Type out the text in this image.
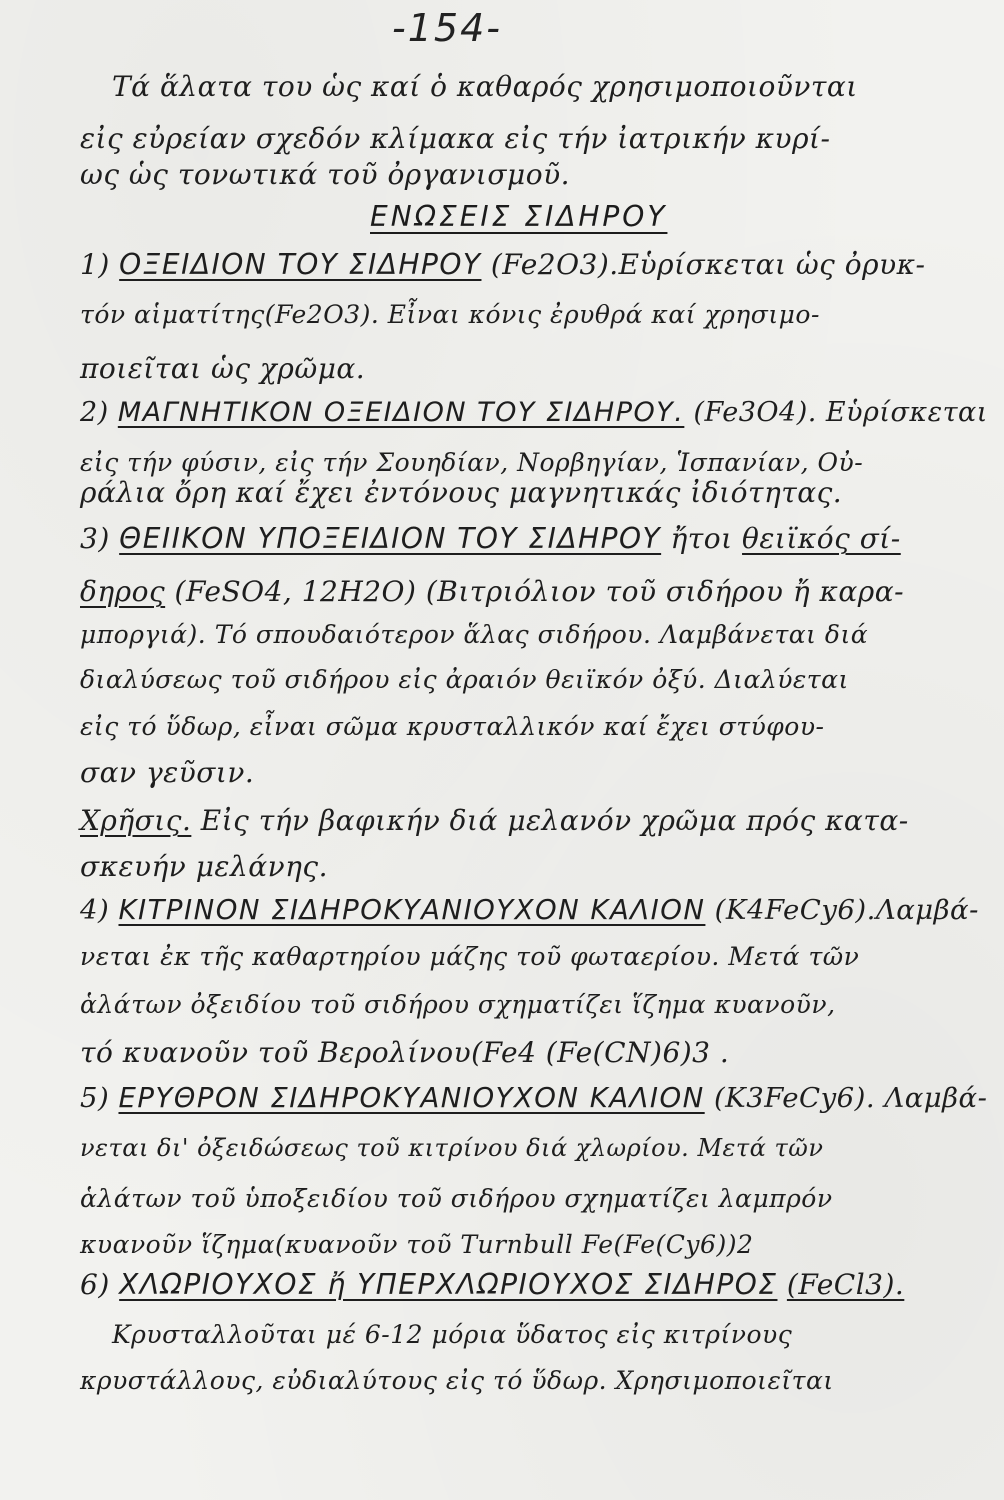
-154-
Τά ἅλατα του ὡς καί ὁ καθαρός χρησιμοποιοῦνται
εἰς εὐρείαν σχεδόν κλίμακα εἰς τήν ἰατρικήν κυρί-
ως ὡς τονωτικά τοῦ ὀργανισμοῦ.
ΕΝΩΣΕΙΣ ΣΙΔΗΡΟΥ
1) ΟΞΕΙΔΙΟΝ ΤΟΥ ΣΙΔΗΡΟΥ (Fe2O3).Εὑρίσκεται ὡς ὀρυκ-
τόν αἱματίτης(Fe2O3). Εἶναι κόνις ἐρυθρά καί χρησιμο-
ποιεῖται ὡς χρῶμα.
2) ΜΑΓΝΗΤΙΚΟΝ ΟΞΕΙΔΙΟΝ ΤΟΥ ΣΙΔΗΡΟΥ. (Fe3O4). Εὑρίσκεται
εἰς τήν φύσιν, εἰς τήν Σουηδίαν, Νορβηγίαν, Ἱσπανίαν, Οὐ-
ράλια ὄρη καί ἔχει ἐντόνους μαγνητικάς ἰδιότητας.
3) ΘΕΙΙΚΟΝ ΥΠΟΞΕΙΔΙΟΝ ΤΟΥ ΣΙΔΗΡΟΥ ἤτοι θειϊκός σί-
δηρος (FeSO4, 12H2O) (Βιτριόλιον τοῦ σιδήρου ἤ καρα-
μποργιά). Τό σπουδαιότερον ἅλας σιδήρου. Λαμβάνεται διά
διαλύσεως τοῦ σιδήρου εἰς ἀραιόν θειϊκόν ὀξύ. Διαλύεται
εἰς τό ὕδωρ, εἶναι σῶμα κρυσταλλικόν καί ἔχει στύφου-
σαν γεῦσιν.
Χρῆσις. Εἰς τήν βαφικήν διά μελανόν χρῶμα πρός κατα-
σκευήν μελάνης.
4) ΚΙΤΡΙΝΟΝ ΣΙΔΗΡΟΚΥΑΝΙΟΥΧΟΝ ΚΑΛΙΟΝ (K4FeCy6).Λαμβά-
νεται ἐκ τῆς καθαρτηρίου μάζης τοῦ φωταερίου. Μετά τῶν
ἁλάτων ὀξειδίου τοῦ σιδήρου σχηματίζει ἵζημα κυανοῦν,
τό κυανοῦν τοῦ Βερολίνου(Fe4 (Fe(CN)6)3 .
5) ΕΡΥΘΡΟΝ ΣΙΔΗΡΟΚΥΑΝΙΟΥΧΟΝ ΚΑΛΙΟΝ (K3FeCy6). Λαμβά-
νεται δι' ὀξειδώσεως τοῦ κιτρίνου διά χλωρίου. Μετά τῶν
ἁλάτων τοῦ ὑποξειδίου τοῦ σιδήρου σχηματίζει λαμπρόν
κυανοῦν ἵζημα(κυανοῦν τοῦ Turnbull Fe(Fe(Cy6))2
6) ΧΛΩΡΙΟΥΧΟΣ ἤ ΥΠΕΡΧΛΩΡΙΟΥΧΟΣ ΣΙΔΗΡΟΣ (FeCl3).
Κρυσταλλοῦται μέ 6-12 μόρια ὕδατος εἰς κιτρίνους
κρυστάλλους, εὐδιαλύτους εἰς τό ὕδωρ. Χρησιμοποιεῖται
